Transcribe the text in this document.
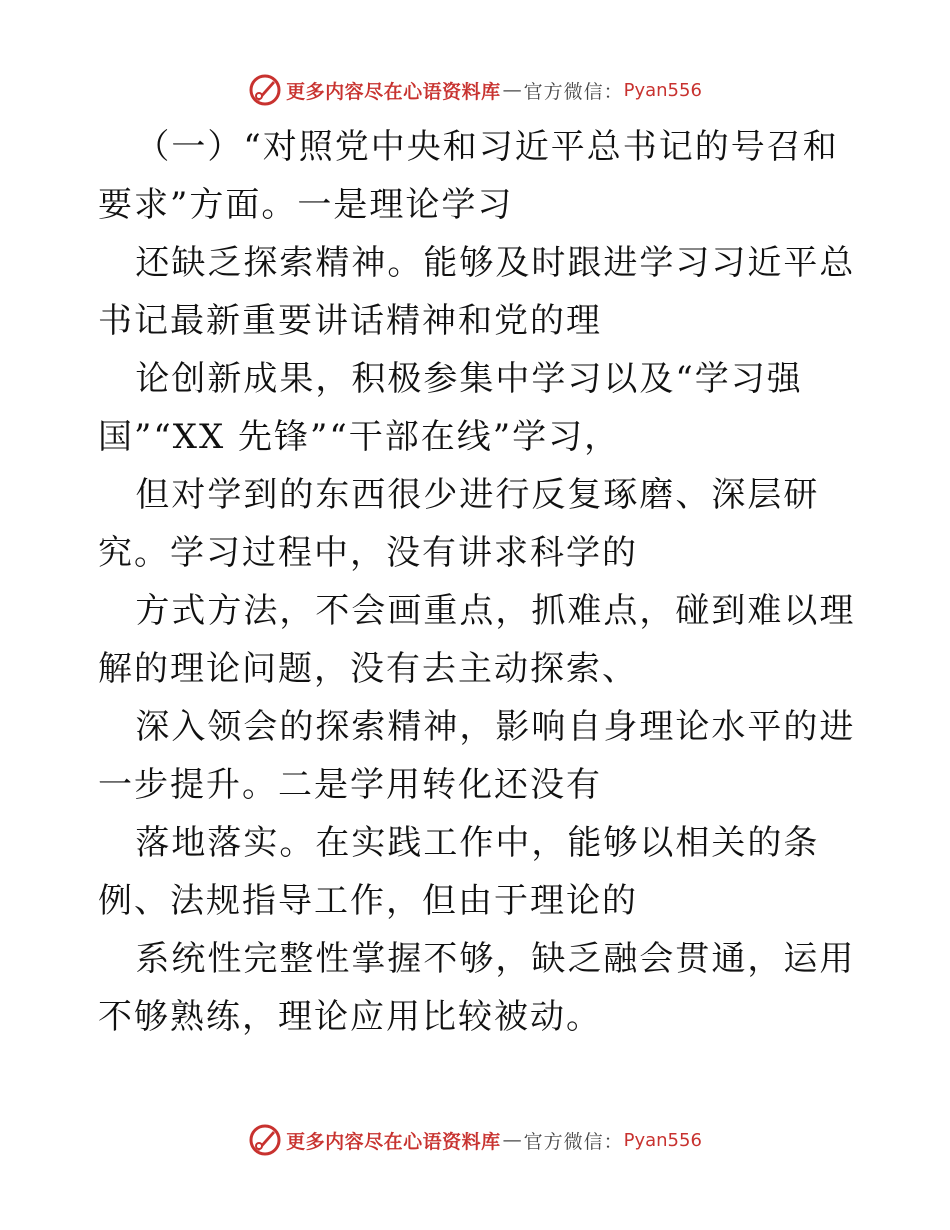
更多内容尽在心语资料库 — 官方微信： Pyan556

（一）“对照党中央和习近平总书记的号召和要求”方面。一是理论学习

还缺乏探索精神。能够及时跟进学习习近平总书记最新重要讲话精神和党的理

论创新成果，积极参集中学习以及“学习强国”“XX 先锋”“干部在线”学习，

但对学到的东西很少进行反复琢磨、深层研究。学习过程中，没有讲求科学的

方式方法，不会画重点，抓难点，碰到难以理解的理论问题，没有去主动探索、

深入领会的探索精神，影响自身理论水平的进一步提升。二是学用转化还没有

落地落实。在实践工作中，能够以相关的条例、法规指导工作，但由于理论的

系统性完整性掌握不够，缺乏融会贯通，运用不够熟练，理论应用比较被动。

更多内容尽在心语资料库 — 官方微信： Pyan556
